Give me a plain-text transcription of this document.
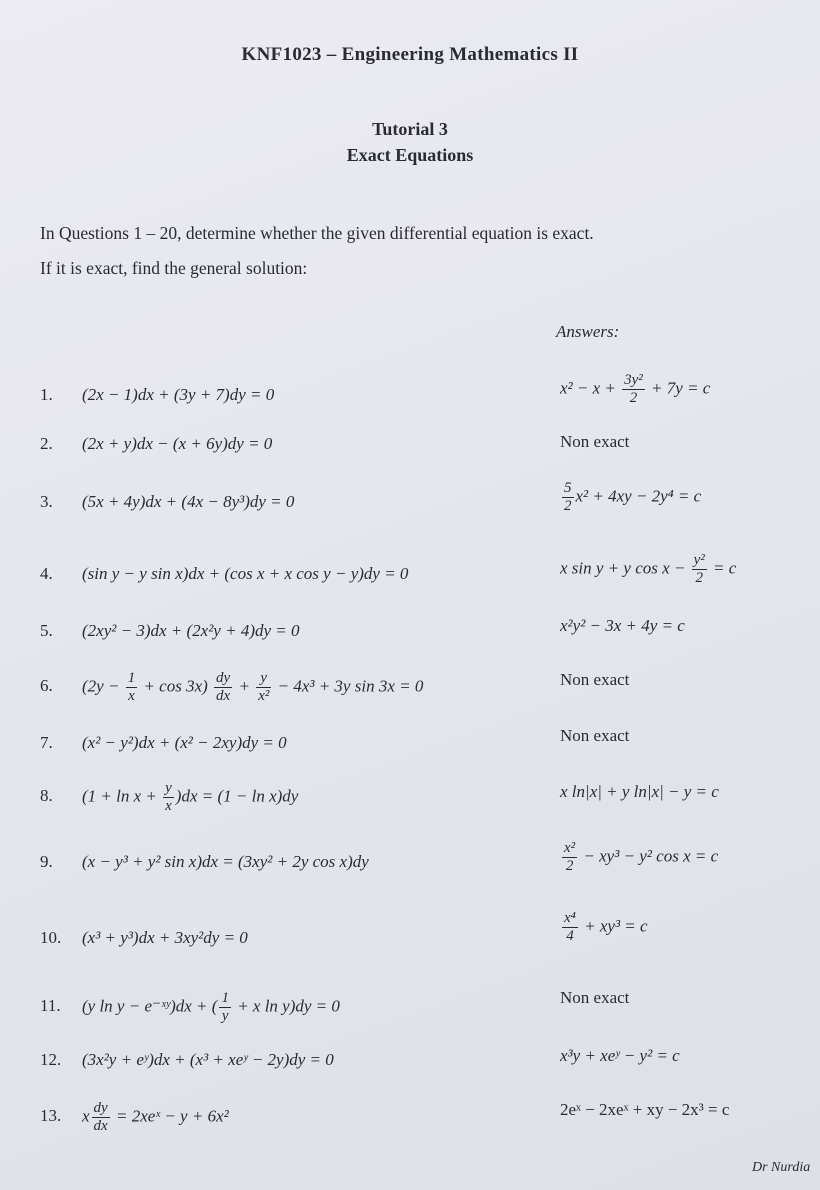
KNF1023 – Engineering Mathematics II
Tutorial 3
Exact Equations
In Questions 1 – 20, determine whether the given differential equation is exact.
If it is exact, find the general solution:
Answers:
1. (2x − 1)dx + (3y + 7)dy = 0	$x^2 - x + \frac{\text{3y²}}{2} + 7y = c$
2. (2x + y)dx − (x + 6y)dy = 0	Non exact
3. (5x + 4y)dx + (4x − 8y³)dy = 0	$\frac{5}{2} x^2 + 4xy - 2y^4 = c$
4. (sin y − y sin x)dx + (cos x + x cos y − y)dy = 0	x sin y + y $\cos x - \frac{\text{y²}}{2} = c$
5. (2xy² − 3)dx + (2x²y + 4)dy = 0	x²y² − 3x + 4y = c
6. $(2y - \frac{1}{x} + \cos 3x) \frac{dy}{dx} + \frac{y}{\text{x²}} - 4x^3 + 3y$ sin 3x = 0	Non exact
7. (x² − y²)dx + (x² − 2xy)dy = 0	Non exact
8. $(1 + \ln x + \frac{y}{x} )dx = (1 - \ln x)dy$	x ln|x| + y ln|x| − y = c
9. (x − y³ + y² sin x)dx = (3xy² + 2y cos x)dy	$\frac{\text{x²}}{2} - xy^3 - y^2$ cos x = c
10. (x³ + y³)dx + 3xy²dy = 0	$\frac{\text{x⁴}}{4} + xy^3 = c$
11. (y ln y − e⁻ˣʸ)dx + ( $\frac{1}{y} + x$ ln y)dy = 0	Non exact
12. (3x²y + eʸ)dx + (x³ + xeʸ − 2y)dy = 0	x³y + xeʸ − y² = c
13. x $\frac{dy}{dx}$ = 2xeˣ − y + 6x²	2eˣ − 2xeˣ + xy − 2x³ = c
Dr Nurdia
